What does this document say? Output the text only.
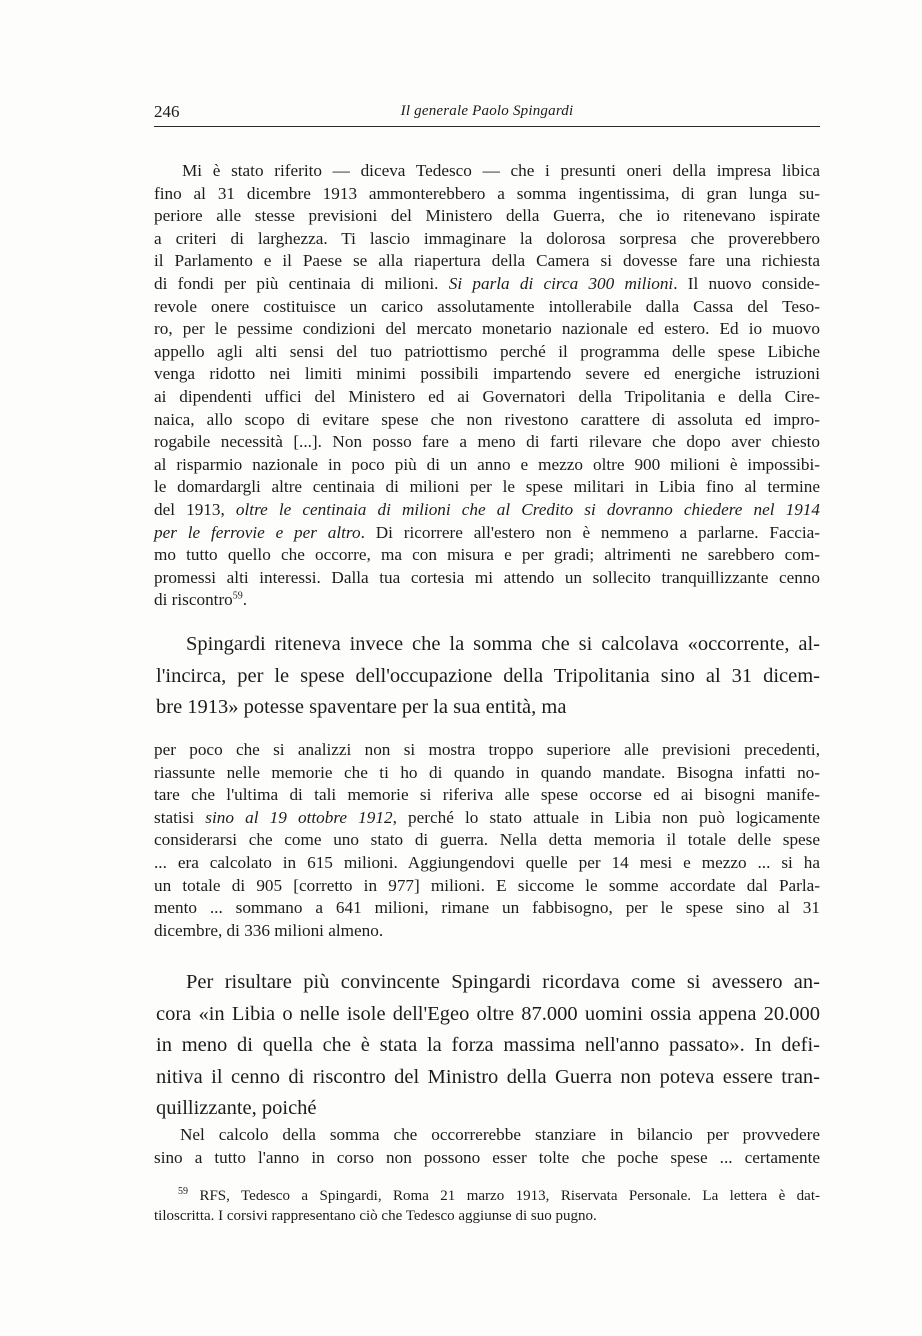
246	Il generale Paolo Spingardi
Mi è stato riferito — diceva Tedesco — che i presunti oneri della impresa libica
fino al 31 dicembre 1913 ammonterebbero a somma ingentissima, di gran lunga su-
periore alle stesse previsioni del Ministero della Guerra, che io ritenevano ispirate
a criteri di larghezza. Ti lascio immaginare la dolorosa sorpresa che proverebbero
il Parlamento e il Paese se alla riapertura della Camera si dovesse fare una richiesta
di fondi per più centinaia di milioni. Si parla di circa 300 milioni. Il nuovo conside-
revole onere costituisce un carico assolutamente intollerabile dalla Cassa del Teso-
ro, per le pessime condizioni del mercato monetario nazionale ed estero. Ed io muovo
appello agli alti sensi del tuo patriottismo perché il programma delle spese Libiche
venga ridotto nei limiti minimi possibili impartendo severe ed energiche istruzioni
ai dipendenti uffici del Ministero ed ai Governatori della Tripolitania e della Cire-
naica, allo scopo di evitare spese che non rivestono carattere di assoluta ed impro-
rogabile necessità [...]. Non posso fare a meno di farti rilevare che dopo aver chiesto
al risparmio nazionale in poco più di un anno e mezzo oltre 900 milioni è impossibi-
le domardargli altre centinaia di milioni per le spese militari in Libia fino al termine
del 1913, oltre le centinaia di milioni che al Credito si dovranno chiedere nel 1914
per le ferrovie e per altro. Di ricorrere all'estero non è nemmeno a parlarne. Faccia-
mo tutto quello che occorre, ma con misura e per gradi; altrimenti ne sarebbero com-
promessi alti interessi. Dalla tua cortesia mi attendo un sollecito tranquillizzante cenno
di riscontro$^{59}$.
Spingardi riteneva invece che la somma che si calcolava «occorrente, al-
l'incirca, per le spese dell'occupazione della Tripolitania sino al 31 dicem-
bre 1913» potesse spaventare per la sua entità, ma
per poco che si analizzi non si mostra troppo superiore alle previsioni precedenti,
riassunte nelle memorie che ti ho di quando in quando mandate. Bisogna infatti no-
tare che l'ultima di tali memorie si riferiva alle spese occorse ed ai bisogni manife-
statisi sino al 19 ottobre 1912, perché lo stato attuale in Libia non può logicamente
considerarsi che come uno stato di guerra. Nella detta memoria il totale delle spese
... era calcolato in 615 milioni. Aggiungendovi quelle per 14 mesi e mezzo ... si ha
un totale di 905 [corretto in 977] milioni. E siccome le somme accordate dal Parla-
mento ... sommano a 641 milioni, rimane un fabbisogno, per le spese sino al 31
dicembre, di 336 milioni almeno.
Per risultare più convincente Spingardi ricordava come si avessero an-
cora «in Libia o nelle isole dell'Egeo oltre 87.000 uomini ossia appena 20.000
in meno di quella che è stata la forza massima nell'anno passato». In defi-
nitiva il cenno di riscontro del Ministro della Guerra non poteva essere tran-
quillizzante, poiché
Nel calcolo della somma che occorrerebbe stanziare in bilancio per provvedere
sino a tutto l'anno in corso non possono esser tolte che poche spese ... certamente
$^{59}$ RFS, Tedesco a Spingardi, Roma 21 marzo 1913, Riservata Personale. La lettera è dat-
tiloscritta. I corsivi rappresentano ciò che Tedesco aggiunse di suo pugno.
